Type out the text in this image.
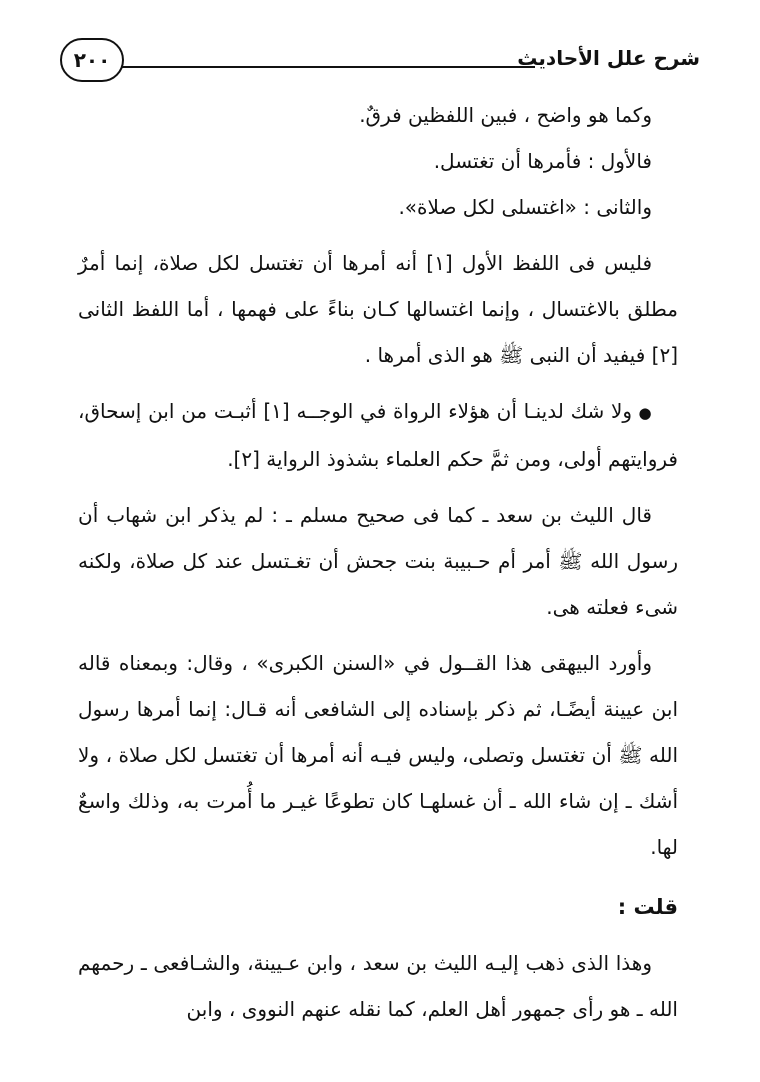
شرح علل الأحاديث
٢٠٠

وكما هو واضح ، فبين اللفظين فرقٌ.

فالأول : فأمرها أن تغتسل.

والثانى : «اغتسلى لكل صلاة».

فليس فى اللفظ الأول [١] أنه أمرها أن تغتسل لكل صلاة، إنما أمرٌ مطلق بالاغتسال ، وإنما اغتسالها كـان بناءً على فهمها ، أما اللفظ الثانى [٢] فيفيد أن النبى ﷺ هو الذى أمرها .

●ولا شك لدينـا أن هؤلاء الرواة في الوجــه [١] أثبـت من ابن إسحاق، فروايتهم أولى، ومن ثمَّ حكم العلماء بشذوذ الرواية [٢].

قال الليث بن سعد ـ كما فى صحيح مسلم ـ : لم يذكر ابن شهاب أن رسول الله ﷺ أمر أم حـبيبة بنت جحش أن تغـتسل عند كل صلاة، ولكنه شىء فعلته هى.

وأورد البيهقى هذا القــول في «السنن الكبرى» ، وقال: وبمعناه قاله ابن عيينة أيضًـا، ثم ذكر بإسناده إلى الشافعى أنه قـال: إنما أمرها رسول الله ﷺ أن تغتسل وتصلى، وليس فيـه أنه أمرها أن تغتسل لكل صلاة ، ولا أشك ـ إن شاء الله ـ أن غسلهـا كان تطوعًا غيـر ما أُمرت به، وذلك واسعٌ لها.

قلت :

وهذا الذى ذهب إليـه الليث بن سعد ، وابن عـيينة، والشـافعى ـ رحمهم الله ـ هو رأى جمهور أهل العلم، كما نقله عنهم النووى ، وابن
